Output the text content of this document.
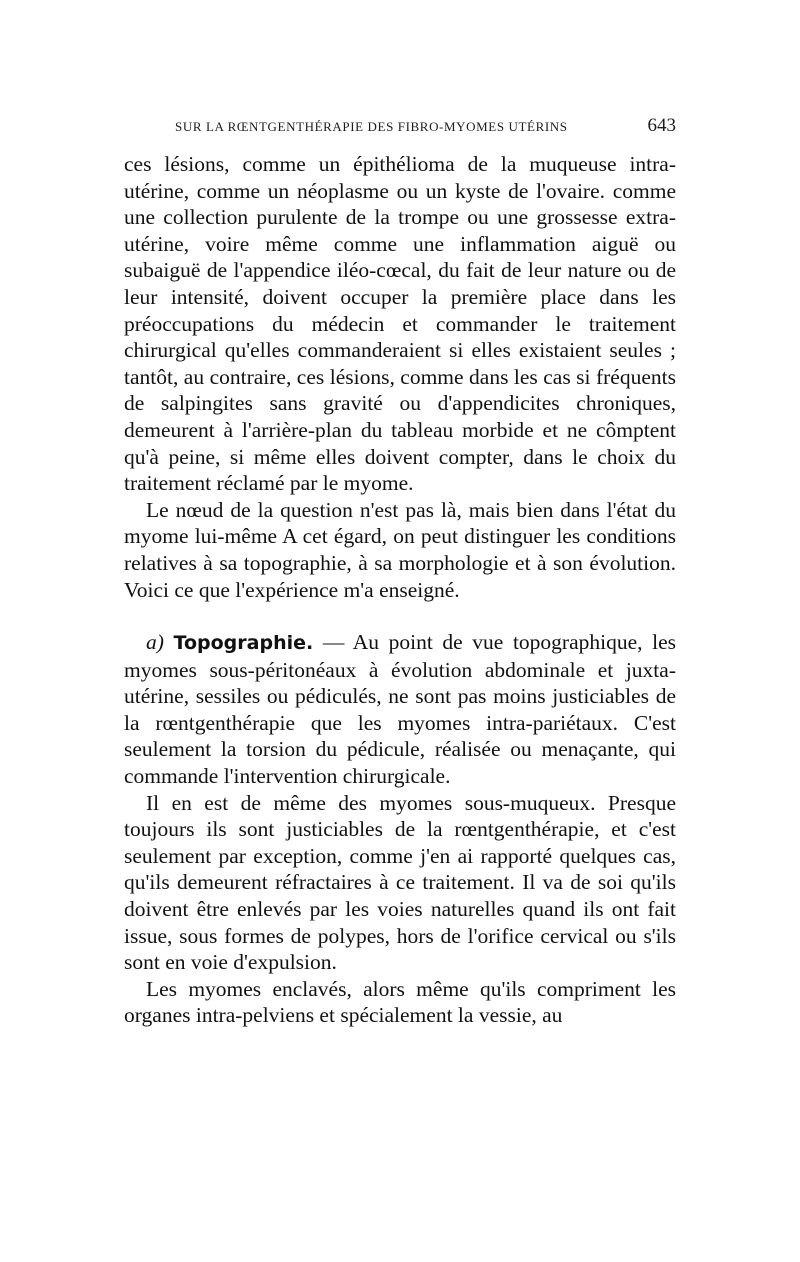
SUR LA RŒNTGENTHÉRAPIE DES FIBRO-MYOMES UTÉRINS	643

ces lésions, comme un épithélioma de la muqueuse intra-utérine, comme un néoplasme ou un kyste de l'ovaire. comme une collection purulente de la trompe ou une grossesse extra-utérine, voire même comme une inflammation aiguë ou subaiguë de l'appendice iléo-cœcal, du fait de leur nature ou de leur intensité, doivent occuper la première place dans les préoccupations du médecin et commander le traitement chirurgical qu'elles commanderaient si elles existaient seules ; tantôt, au contraire, ces lésions, comme dans les cas si fréquents de salpingites sans gravité ou d'appendicites chroniques, demeurent à l'arrière-plan du tableau morbide et ne cômptent qu'à peine, si même elles doivent compter, dans le choix du traitement réclamé par le myome.

Le nœud de la question n'est pas là, mais bien dans l'état du myome lui-même A cet égard, on peut distinguer les conditions relatives à sa topographie, à sa morphologie et à son évolution. Voici ce que l'expérience m'a enseigné.

a) Topographie. — Au point de vue topographique, les myomes sous-péritonéaux à évolution abdominale et juxta-utérine, sessiles ou pédiculés, ne sont pas moins justiciables de la rœntgenthérapie que les myomes intra-pariétaux. C'est seulement la torsion du pédicule, réalisée ou menaçante, qui commande l'intervention chirurgicale.

Il en est de même des myomes sous-muqueux. Presque toujours ils sont justiciables de la rœntgenthérapie, et c'est seulement par exception, comme j'en ai rapporté quelques cas, qu'ils demeurent réfractaires à ce traitement. Il va de soi qu'ils doivent être enlevés par les voies naturelles quand ils ont fait issue, sous formes de polypes, hors de l'orifice cervical ou s'ils sont en voie d'expulsion.

Les myomes enclavés, alors même qu'ils compriment les organes intra-pelviens et spécialement la vessie, au
